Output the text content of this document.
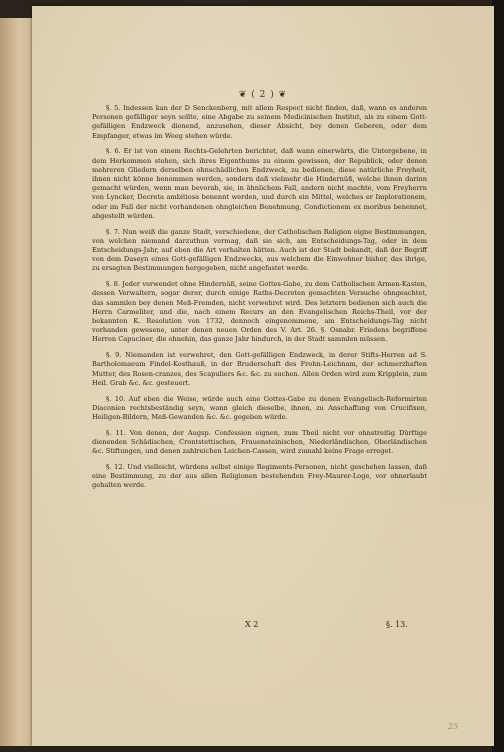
❦ ( 2 ) ❦

§. 5. Indessen kan der D Senckenberg, mit allem Respect nicht finden, daß, wann es anderen Personen gefälliger seyn sollte, eine Abgabe zu seinem Medicinischen Institut, als zu einem Gott-gefälligen Endzweck dienend, anzusehen, dieser Absicht, bey denen Geberen, oder dem Empfanger, etwas im Weeg stehen würde.

§. 6. Er ist von einem Rechts-Gelehrten berichtet, daß wann einerwärts, die Untergebene, in dem Herkommen stehen, sich ihres Eigenthums zu einem gewissen, der Republick, oder denen mehreren Gliedern derselben ohnschädlichen Endzweck, zu bedienen, diese natürliche Freyheit, ihnen nicht könne benommen werden, sondern daß vielmehr die Hindernüß, welche ihnen darinn gemacht würden, wenn man bevorab, sie, in ähnlichem Fall, andern nicht machte, vom Freyherrn von Lyncker, Decreta ambitiosa benennt werden, und durch ein Mittel, welches er Implorationem, oder im Fall der nicht vorhandenen ohngleichen Benehmung, Condictionem ex moribus benennet, abgestellt würden.

§. 7. Nun weiß die ganze Stadt, verschiedene, der Catholischen Religion eigne Bestimmungen, von welchen niemand darzuthun vermag, daß sie sich, am Entscheidungs-Tag, oder in dem Entscheidungs-Jahr, auf eben die Art verhalten hätten. Auch ist der Stadt bekandt, daß der Begriff von dem Daseyn eines Gott-gefälligen Endzwecks, aus welchem die Einwohner bisher, das ihrige, zu ersagten Bestimmungen hergegeben, nicht angefastet werde.

§. 8. Jeder verwendet ohne Hindernüß, seine Gottes-Gabe, zu dem Catholischen Armen-Kasten, dessen Verwaltern, sogar derer, durch einige Raths-Decreten gemachten Versuche ohngeachtet, das sammlen bey denen Meß-Fremden, nicht verwehret wird. Des letztern bedienen sich auch die Herrn Carmeliter, und die, nach einem Recurs an den Evangelischen Reichs-Theil, vor der bekannten K. Resolution von 1732, dennoch eingenommene, am Entscheidungs-Tag nicht vorhanden gewesene, unter denen neuen Orden des V. Art. 26. §. Osnabr. Friedens begriffene Herren Capuciner, die ohnehin, das ganze Jahr hindurch, in der Stadt sammlen müssen.

§. 9. Niemanden ist verwehret, den Gott-gefälligen Endzweck, in derer Stifts-Herren ad S. Bartholomaeum Findel-Kosthauß, in der Bruderschaft des Frohn-Leichnam, der schmerzhaften Mutter, des Rosen-cranzes, des Scapuliers &c. &c. zu suchen. Allen Orden wird zum Kripplein, zum Heil. Grab &c. &c. gesteuert.

§. 10. Auf eben die Weise, würde auch eine Gottes-Gabe zu denen Evangelisch-Reformirten Diaconien rechtsbeständig seyn, wann gleich dieselbe, ihnen, zu Anschaffung von Crucifixen, Heiligen-Bildern, Meß-Gewanden &c. &c. gegeben würde.

§. 11. Von denen, der Augsp. Confession eignen, zum Theil nicht vor ohnstreitig Dürftige dienenden Schädischen, Crontstettischen, Frauensteinischen, Niederländischen, Oberländischen &c. Stiftungen, und denen zahlreichen Leichen-Cassen, wird zumahl keine Frage erreget.

§. 12. Und vielleicht, würdens selbst einige Regiments-Personen, nicht geschehen lassen, daß eine Bestimmung, zu der aus allen Religionen bestehenden Frey-Maurer-Loge, vor ohnerlaubt gehalten werde.

X 2	§. 13.
25
